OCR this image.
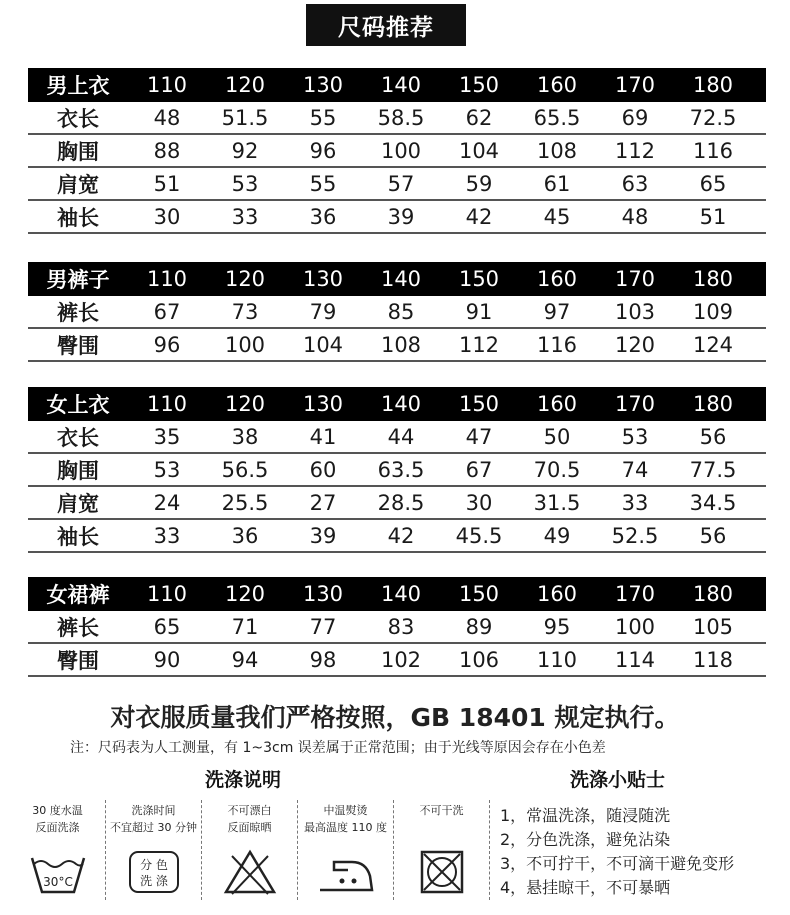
尺码推荐
男上衣	110	120	130	140	150	160	170	180
衣长	48	51.5	55	58.5	62	65.5	69	72.5
胸围	88	92	96	100	104	108	112	116
肩宽	51	53	55	57	59	61	63	65
袖长	30	33	36	39	42	45	48	51
男裤子	110	120	130	140	150	160	170	180
裤长	67	73	79	85	91	97	103	109
臀围	96	100	104	108	112	116	120	124
女上衣	110	120	130	140	150	160	170	180
衣长	35	38	41	44	47	50	53	56
胸围	53	56.5	60	63.5	67	70.5	74	77.5
肩宽	24	25.5	27	28.5	30	31.5	33	34.5
袖长	33	36	39	42	45.5	49	52.5	56
女裙裤	110	120	130	140	150	160	170	180
裤长	65	71	77	83	89	95	100	105
臀围	90	94	98	102	106	110	114	118
对衣服质量我们严格按照，GB 18401 规定执行。
注：尺码表为人工测量，有 1~3cm 误差属于正常范围；由于光线等原因会存在小色差
洗涤说明	洗涤小贴士
30 度水温
反面洗涤
30°C
洗涤时间
不宜超过 30 分钟
分 色
洗 涤
不可漂白
反面晾晒
中温熨烫
最高温度 110 度
不可干洗	1，常温洗涤，随浸随洗
2，分色洗涤，避免沾染
3，不可拧干，不可滴干避免变形
4，悬挂晾干，不可暴晒
